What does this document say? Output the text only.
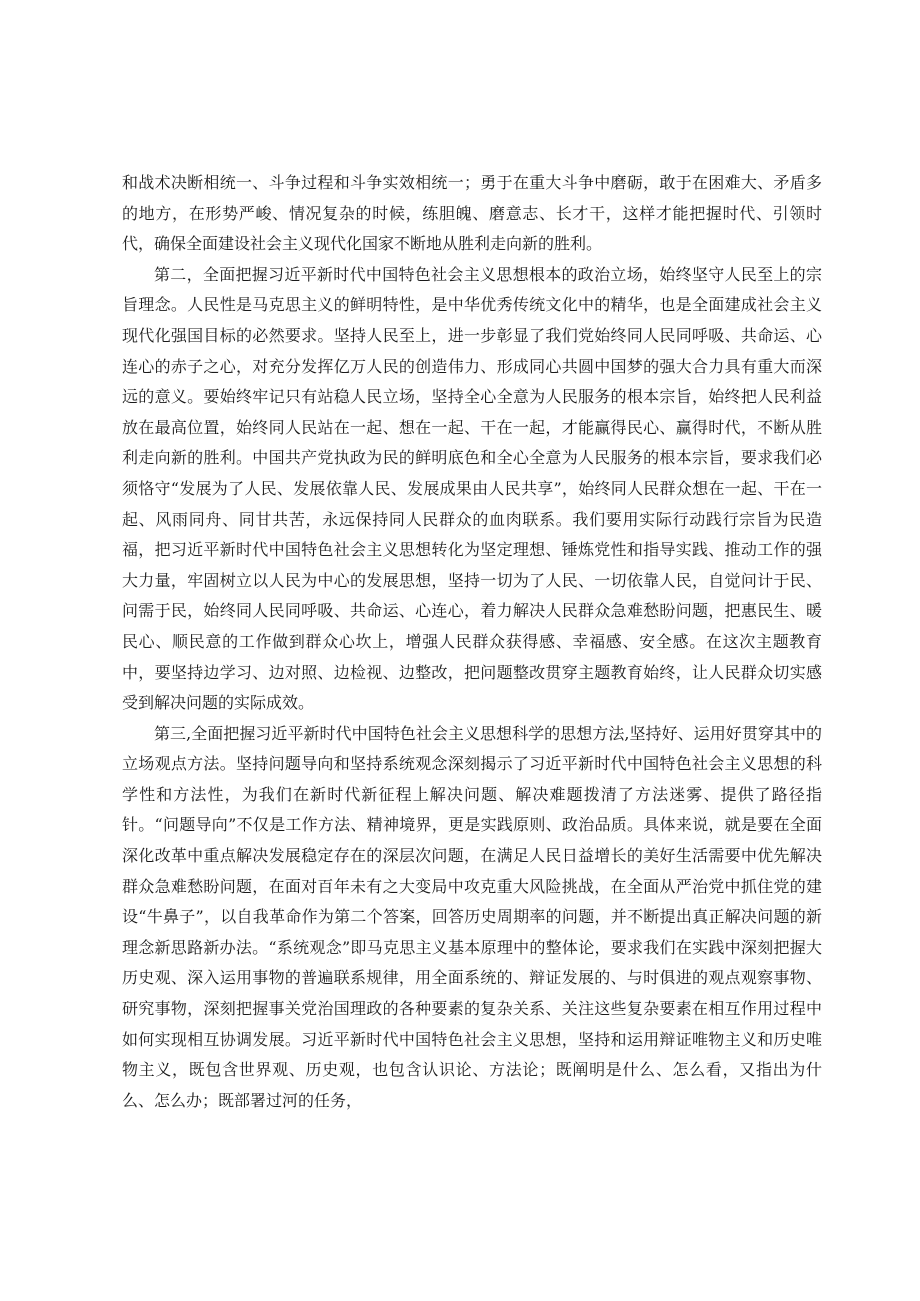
和战术决断相统一、斗争过程和斗争实效相统一；勇于在重大斗争中磨砺，敢于在困难大、矛盾多的地方，在形势严峻、情况复杂的时候，练胆魄、磨意志、长才干，这样才能把握时代、引领时代，确保全面建设社会主义现代化国家不断地从胜利走向新的胜利。

第二，全面把握习近平新时代中国特色社会主义思想根本的政治立场，始终坚守人民至上的宗旨理念。人民性是马克思主义的鲜明特性，是中华优秀传统文化中的精华，也是全面建成社会主义现代化强国目标的必然要求。坚持人民至上，进一步彰显了我们党始终同人民同呼吸、共命运、心连心的赤子之心，对充分发挥亿万人民的创造伟力、形成同心共圆中国梦的强大合力具有重大而深远的意义。要始终牢记只有站稳人民立场，坚持全心全意为人民服务的根本宗旨，始终把人民利益放在最高位置，始终同人民站在一起、想在一起、干在一起，才能赢得民心、赢得时代，不断从胜利走向新的胜利。中国共产党执政为民的鲜明底色和全心全意为人民服务的根本宗旨，要求我们必须恪守“发展为了人民、发展依靠人民、发展成果由人民共享”，始终同人民群众想在一起、干在一起、风雨同舟、同甘共苦，永远保持同人民群众的血肉联系。我们要用实际行动践行宗旨为民造福，把习近平新时代中国特色社会主义思想转化为坚定理想、锤炼党性和指导实践、推动工作的强大力量，牢固树立以人民为中心的发展思想，坚持一切为了人民、一切依靠人民，自觉问计于民、问需于民，始终同人民同呼吸、共命运、心连心，着力解决人民群众急难愁盼问题，把惠民生、暖民心、顺民意的工作做到群众心坎上，增强人民群众获得感、幸福感、安全感。在这次主题教育中，要坚持边学习、边对照、边检视、边整改，把问题整改贯穿主题教育始终，让人民群众切实感受到解决问题的实际成效。

第三,全面把握习近平新时代中国特色社会主义思想科学的思想方法,坚持好、运用好贯穿其中的立场观点方法。坚持问题导向和坚持系统观念深刻揭示了习近平新时代中国特色社会主义思想的科学性和方法性，为我们在新时代新征程上解决问题、解决难题拨清了方法迷雾、提供了路径指针。“问题导向”不仅是工作方法、精神境界，更是实践原则、政治品质。具体来说，就是要在全面深化改革中重点解决发展稳定存在的深层次问题，在满足人民日益增长的美好生活需要中优先解决群众急难愁盼问题，在面对百年未有之大变局中攻克重大风险挑战，在全面从严治党中抓住党的建设“牛鼻子”，以自我革命作为第二个答案，回答历史周期率的问题，并不断提出真正解决问题的新理念新思路新办法。“系统观念”即马克思主义基本原理中的整体论，要求我们在实践中深刻把握大历史观、深入运用事物的普遍联系规律，用全面系统的、辩证发展的、与时俱进的观点观察事物、研究事物，深刻把握事关党治国理政的各种要素的复杂关系、关注这些复杂要素在相互作用过程中如何实现相互协调发展。习近平新时代中国特色社会主义思想，坚持和运用辩证唯物主义和历史唯物主义，既包含世界观、历史观，也包含认识论、方法论；既阐明是什么、怎么看，又指出为什么、怎么办；既部署过河的任务，
